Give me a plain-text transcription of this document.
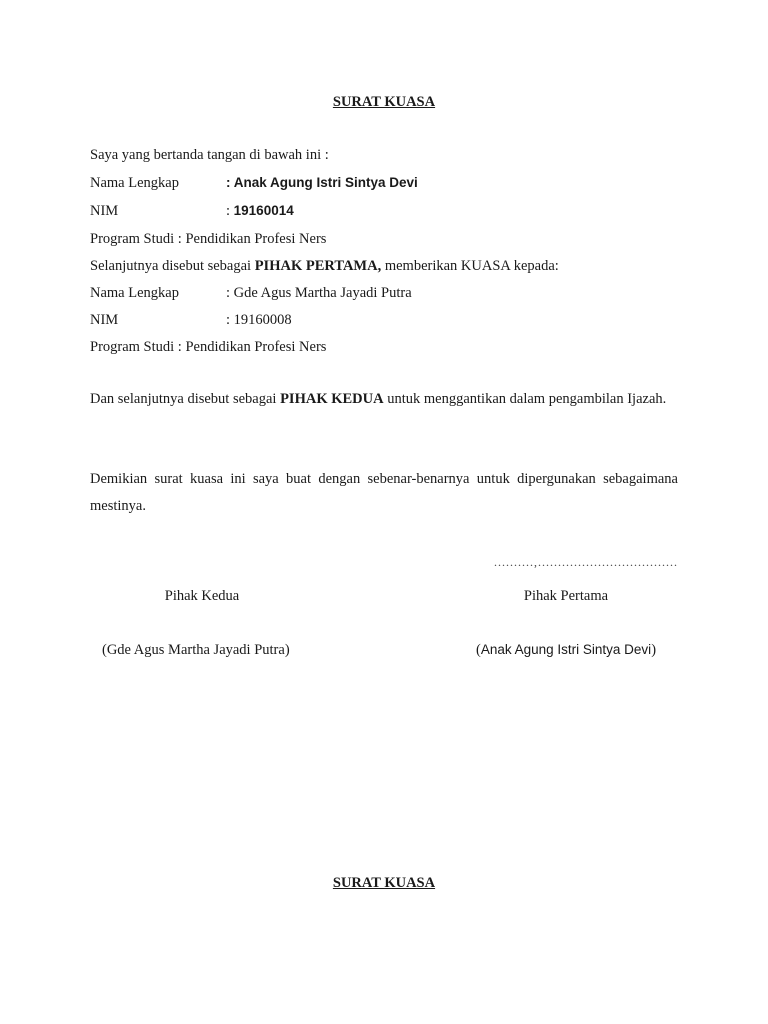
SURAT KUASA
Saya yang bertanda tangan di bawah ini :
Nama Lengkap	: Anak Agung Istri Sintya Devi
NIM	: 19160014
Program Studi : Pendidikan Profesi Ners
Selanjutnya disebut sebagai PIHAK PERTAMA, memberikan KUASA kepada:
Nama Lengkap	: Gde Agus Martha Jayadi Putra
NIM	: 19160008
Program Studi : Pendidikan Profesi Ners
Dan selanjutnya disebut sebagai PIHAK KEDUA untuk menggantikan dalam pengambilan Ijazah.
Demikian surat kuasa ini saya buat dengan sebenar-benarnya untuk dipergunakan sebagaimana mestinya.
..........,...................................
Pihak Kedua	Pihak Pertama
(Gde Agus Martha Jayadi Putra)	(Anak Agung Istri Sintya Devi)
SURAT KUASA
